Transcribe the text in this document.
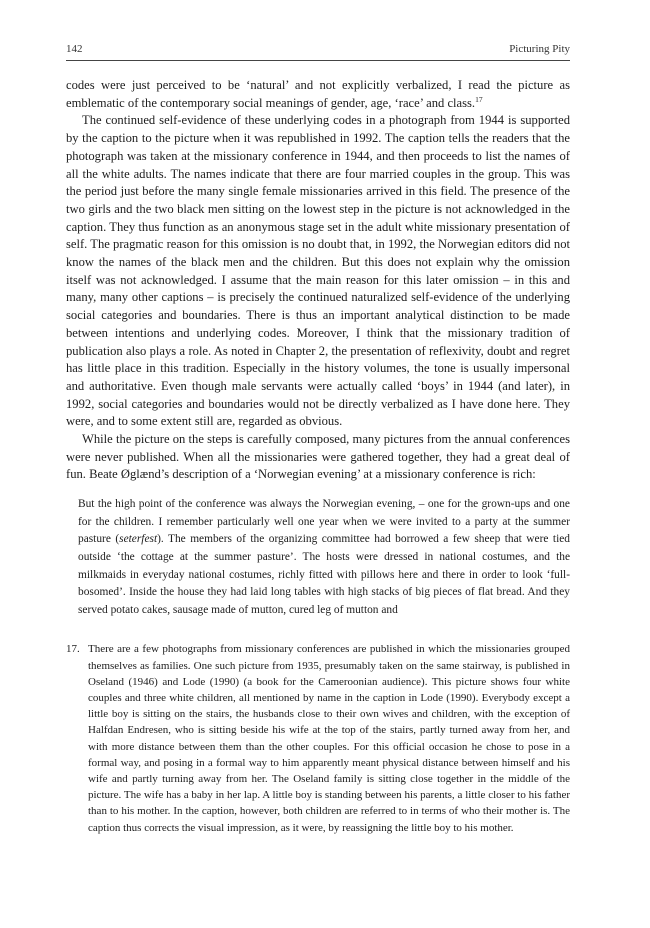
142	Picturing Pity

codes were just perceived to be ‘natural’ and not explicitly verbalized, I read the picture as emblematic of the contemporary social meanings of gender, age, ‘race’ and class.$^{17}$

The continued self-evidence of these underlying codes in a photograph from 1944 is supported by the caption to the picture when it was republished in 1992. The caption tells the readers that the photograph was taken at the missionary conference in 1944, and then proceeds to list the names of all the white adults. The names indicate that there are four married couples in the group. This was the period just before the many single female missionaries arrived in this field. The presence of the two girls and the two black men sitting on the lowest step in the picture is not acknowledged in the caption. They thus function as an anonymous stage set in the adult white missionary presentation of self. The pragmatic reason for this omission is no doubt that, in 1992, the Norwegian editors did not know the names of the black men and the children. But this does not explain why the omission itself was not acknowledged. I assume that the main reason for this later omission – in this and many, many other captions – is precisely the continued naturalized self-evidence of the underlying social categories and boundaries. There is thus an important analytical distinction to be made between intentions and underlying codes. Moreover, I think that the missionary tradition of publication also plays a role. As noted in Chapter 2, the presentation of reflexivity, doubt and regret has little place in this tradition. Especially in the history volumes, the tone is usually impersonal and authoritative. Even though male servants were actually called ‘boys’ in 1944 (and later), in 1992, social categories and boundaries would not be directly verbalized as I have done here. They were, and to some extent still are, regarded as obvious.

While the picture on the steps is carefully composed, many pictures from the annual conferences were never published. When all the missionaries were gathered together, they had a great deal of fun. Beate Øglænd’s description of a ‘Norwegian evening’ at a missionary conference is rich:

But the high point of the conference was always the Norwegian evening, – one for the grown-ups and one for the children. I remember particularly well one year when we were invited to a party at the summer pasture (seterfest). The members of the organizing committee had borrowed a few sheep that were tied outside ‘the cottage at the summer pasture’. The hosts were dressed in national costumes, and the milkmaids in everyday national costumes, richly fitted with pillows here and there in order to look ‘full-bosomed’. Inside the house they had laid long tables with high stacks of big pieces of flat bread. And they served potato cakes, sausage made of mutton, cured leg of mutton and

17. There are a few photographs from missionary conferences are published in which the missionaries grouped themselves as families. One such picture from 1935, presumably taken on the same stairway, is published in Oseland (1946) and Lode (1990) (a book for the Cameroonian audience). This picture shows four white couples and three white children, all mentioned by name in the caption in Lode (1990). Everybody except a little boy is sitting on the stairs, the husbands close to their own wives and children, with the exception of Halfdan Endresen, who is sitting beside his wife at the top of the stairs, partly turned away from her, and with more distance between them than the other couples. For this official occasion he chose to pose in a formal way, and posing in a formal way to him apparently meant physical distance between himself and his wife and partly turning away from her. The Oseland family is sitting close together in the middle of the picture. The wife has a baby in her lap. A little boy is standing between his parents, a little closer to his father than to his mother. In the caption, however, both children are referred to in terms of who their mother is. The caption thus corrects the visual impression, as it were, by reassigning the little boy to his mother.
